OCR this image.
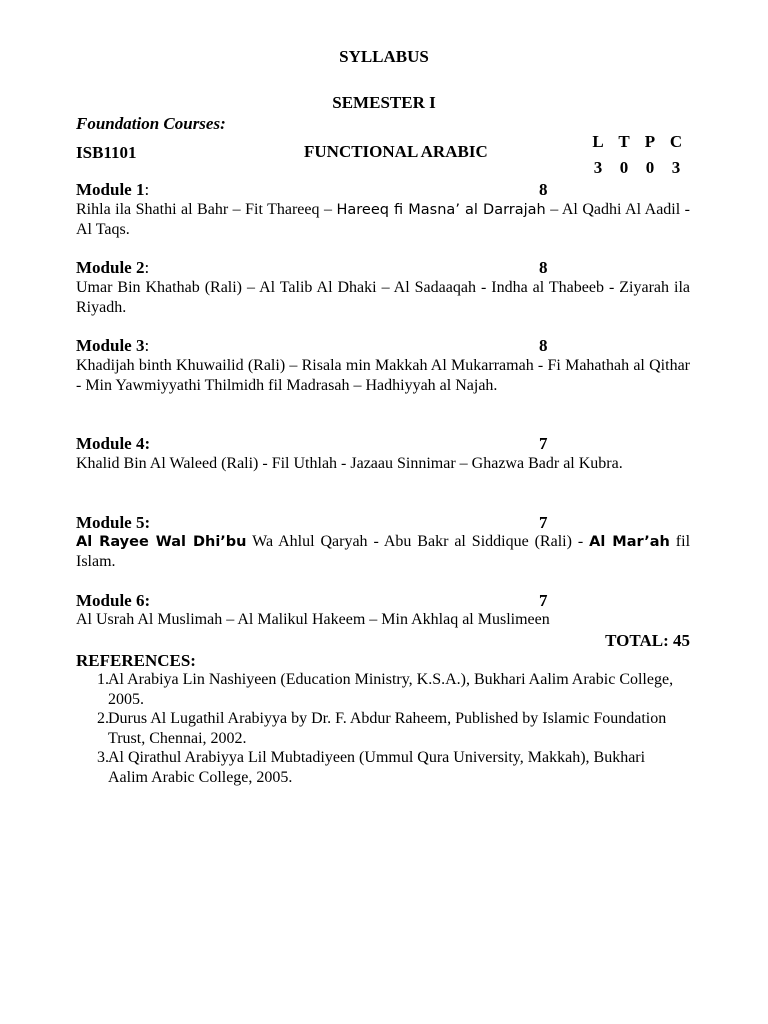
SYLLABUS
SEMESTER I
Foundation Courses:
ISB1101	FUNCTIONAL ARABIC
L T P C
3	0	0	3
Module 1:	8
Rihla ila Shathi al Bahr – Fit Thareeq – Hareeq fi Masna’ al Darrajah – Al Qadhi Al Aadil - Al Taqs.
Module 2:	8
Umar Bin Khathab (Rali) – Al Talib Al Dhaki – Al Sadaaqah - Indha al Thabeeb - Ziyarah ila Riyadh.
Module 3:	8
Khadijah binth Khuwailid (Rali) – Risala min Makkah Al Mukarramah - Fi Mahathah al Qithar - Min Yawmiyyathi Thilmidh fil Madrasah – Hadhiyyah al Najah.
Module 4:	7
Khalid Bin Al Waleed (Rali) - Fil Uthlah - Jazaau Sinnimar – Ghazwa Badr al Kubra.
Module 5:	7
Al Rayee Wal Dhi’bu Wa Ahlul Qaryah - Abu Bakr al Siddique (Rali) - Al Mar’ah fil Islam.
Module 6:	7
Al Usrah Al Muslimah – Al Malikul Hakeem – Min Akhlaq al Muslimeen
TOTAL: 45
REFERENCES:
1. Al Arabiya Lin Nashiyeen (Education Ministry, K.S.A.), Bukhari Aalim Arabic College, 2005.
2. Durus Al Lugathil Arabiyya by Dr. F. Abdur Raheem, Published by Islamic Foundation Trust, Chennai, 2002.
3. Al Qirathul Arabiyya Lil Mubtadiyeen (Ummul Qura University, Makkah), Bukhari Aalim Arabic College, 2005.
